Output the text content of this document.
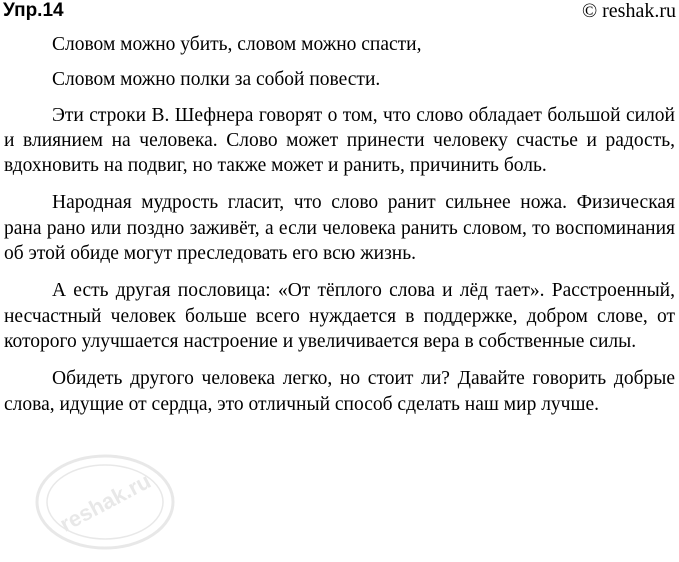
Упр.14	© reshak.ru
Словом можно убить, словом можно спасти,
Словом можно полки за собой повести.

Эти строки В. Шефнера говорят о том, что слово обладает большой силой и влиянием на человека. Слово может принести человеку счастье и радость, вдохновить на подвиг, но также может и ранить, причинить боль.

Народная мудрость гласит, что слово ранит сильнее ножа. Физическая рана рано или поздно заживёт, а если человека ранить словом, то воспоминания об этой обиде могут преследовать его всю жизнь.

А есть другая пословица: «От тёплого слова и лёд тает». Расстроенный, несчастный человек больше всего нуждается в поддержке, добром слове, от которого улучшается настроение и увеличивается вера в собственные силы.

Обидеть другого человека легко, но стоит ли? Давайте говорить добрые слова, идущие от сердца, это отличный способ сделать наш мир лучше.

reshak.ru
